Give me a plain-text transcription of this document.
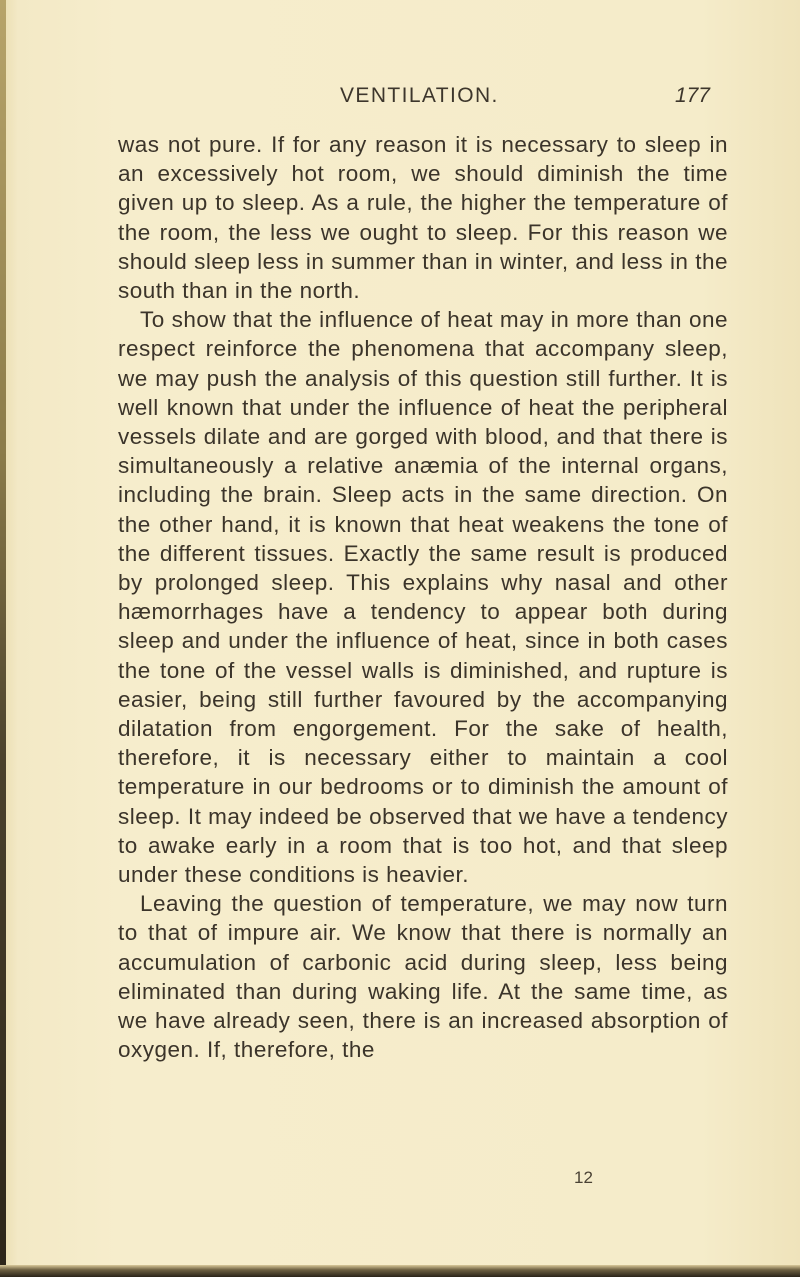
VENTILATION.	177

was not pure. If for any reason it is necessary to sleep in an excessively hot room, we should diminish the time given up to sleep. As a rule, the higher the temperature of the room, the less we ought to sleep. For this reason we should sleep less in summer than in winter, and less in the south than in the north.

To show that the influence of heat may in more than one respect reinforce the phenomena that accompany sleep, we may push the analysis of this question still further. It is well known that under the influence of heat the peripheral vessels dilate and are gorged with blood, and that there is simultaneously a relative anæmia of the internal organs, including the brain. Sleep acts in the same direction. On the other hand, it is known that heat weakens the tone of the different tissues. Exactly the same result is produced by prolonged sleep. This explains why nasal and other hæmorrhages have a tendency to appear both during sleep and under the influence of heat, since in both cases the tone of the vessel walls is diminished, and rupture is easier, being still further favoured by the accompanying dilatation from engorgement. For the sake of health, therefore, it is necessary either to maintain a cool temperature in our bedrooms or to diminish the amount of sleep. It may indeed be observed that we have a tendency to awake early in a room that is too hot, and that sleep under these conditions is heavier.

Leaving the question of temperature, we may now turn to that of impure air. We know that there is normally an accumulation of carbonic acid during sleep, less being eliminated than during waking life. At the same time, as we have already seen, there is an increased absorption of oxygen. If, therefore, the

12
